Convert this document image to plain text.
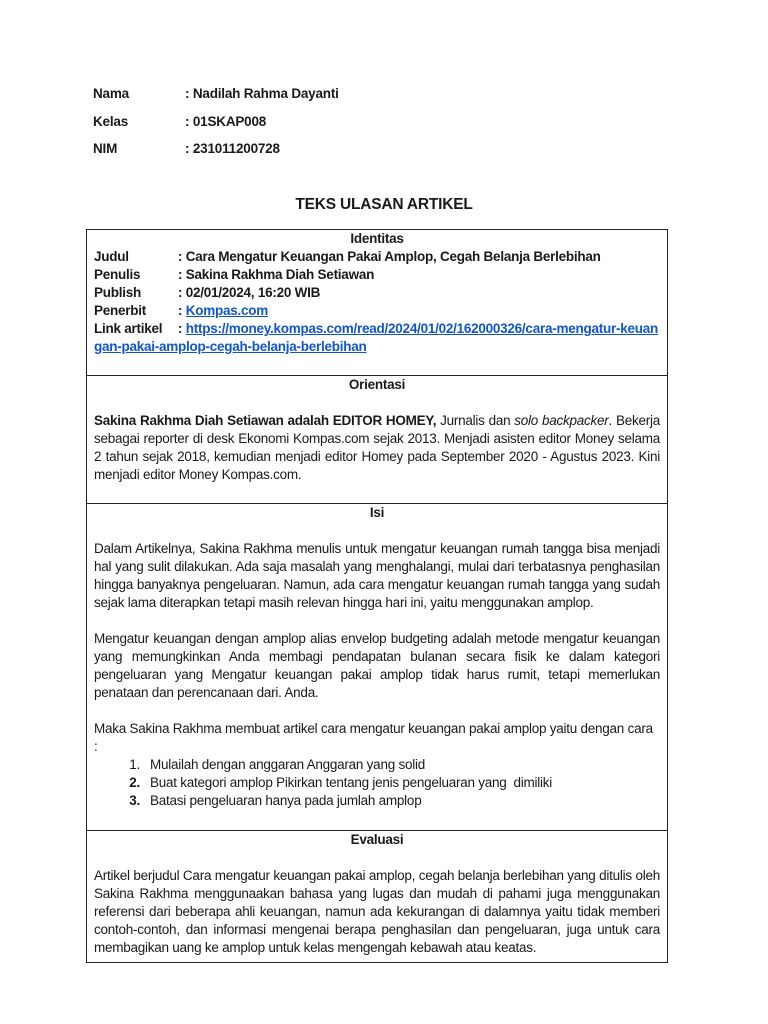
Nama	: Nadilah Rahma Dayanti
Kelas	: 01SKAP008
NIM	: 231011200728
TEKS ULASAN ARTIKEL
Identitas
Judul	: Cara Mengatur Keuangan Pakai Amplop, Cegah Belanja Berlebihan
Penulis	: Sakina Rakhma Diah Setiawan
Publish	: 02/01/2024, 16:20 WIB
Penerbit	: Kompas.com
Link artikel : https://money.kompas.com/read/2024/01/02/162000326/cara-mengatur-keuangan-pakai-amplop-cegah-belanja-berlebihan
Orientasi
Sakina Rakhma Diah Setiawan adalah EDITOR HOMEY, Jurnalis dan solo backpacker. Bekerja sebagai reporter di desk Ekonomi Kompas.com sejak 2013. Menjadi asisten editor Money selama 2 tahun sejak 2018, kemudian menjadi editor Homey pada September 2020 - Agustus 2023. Kini menjadi editor Money Kompas.com.
Isi
Dalam Artikelnya, Sakina Rakhma menulis untuk mengatur keuangan rumah tangga bisa menjadi hal yang sulit dilakukan. Ada saja masalah yang menghalangi, mulai dari terbatasnya penghasilan hingga banyaknya pengeluaran. Namun, ada cara mengatur keuangan rumah tangga yang sudah sejak lama diterapkan tetapi masih relevan hingga hari ini, yaitu menggunakan amplop.
Mengatur keuangan dengan amplop alias envelop budgeting adalah metode mengatur keuangan yang memungkinkan Anda membagi pendapatan bulanan secara fisik ke dalam kategori pengeluaran yang Mengatur keuangan pakai amplop tidak harus rumit, tetapi memerlukan penataan dan perencanaan dari. Anda.
Maka Sakina Rakhma membuat artikel cara mengatur keuangan pakai amplop yaitu dengan cara  :
1. Mulailah dengan anggaran Anggaran yang solid
2. Buat kategori amplop Pikirkan tentang jenis pengeluaran yang  dimiliki
3. Batasi pengeluaran hanya pada jumlah amplop
Evaluasi
Artikel berjudul Cara mengatur keuangan pakai amplop, cegah belanja berlebihan yang ditulis oleh Sakina Rakhma menggunaakan bahasa yang lugas dan mudah di pahami juga menggunakan referensi dari beberapa ahli keuangan, namun ada kekurangan di dalamnya yaitu tidak memberi contoh-contoh, dan informasi mengenai berapa penghasilan dan pengeluaran, juga untuk cara membagikan uang ke amplop untuk kelas mengengah kebawah atau keatas.
